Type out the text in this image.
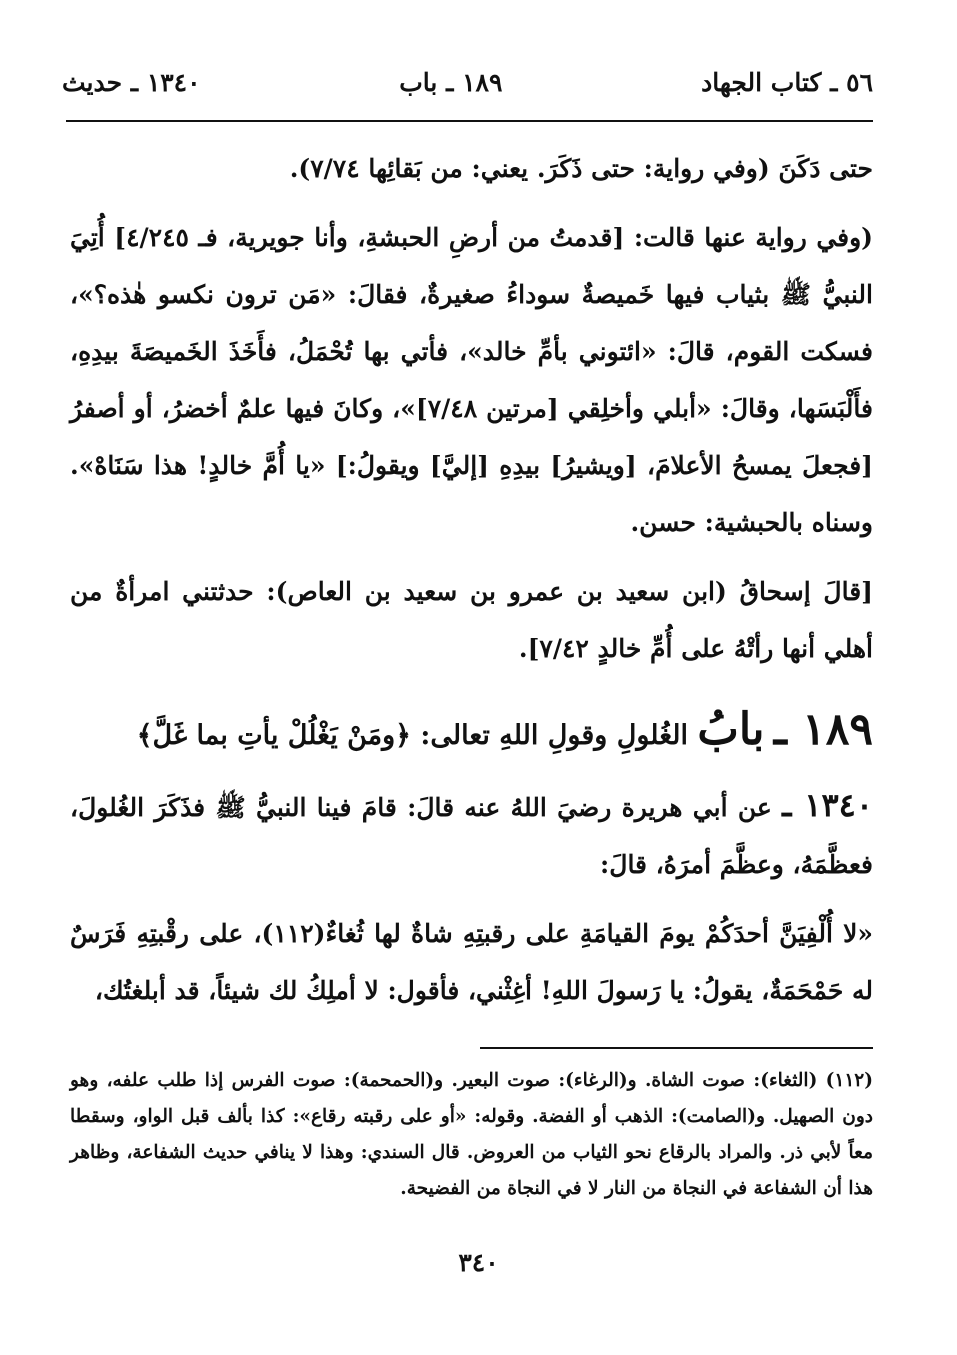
٥٦ ـ كتاب الجهاد
١٨٩ ـ باب
١٣٤٠ ـ حديث

حتى دَكَنَ (وفي رواية: حتى ذَكَرَ. يعني: من بَقائِها ٧/٧٤).

(وفي رواية عنها قالت: [قدمتُ من أرضِ الحبشةِ، وأنا جويرية، فـ ٤/٢٤٥] أُتِيَ النبيُّ ﷺ بثياب فيها خَميصةٌ سوداءُ صغيرةٌ، فقالَ: «مَن ترون نكسو هٰذه؟»، فسكت القوم، قالَ: «ائتوني بأمِّ خالد»، فأتي بها تُحْمَلُ، فأَخَذَ الخَميصَةَ بيدِهِ، فأَلْبَسَها، وقالَ: «أبلي وأخلِقي [مرتين ٧/٤٨]»، وكانَ فيها علمٌ أخضرُ، أو أصفرُ [فجعلَ يمسحُ الأعلامَ، [ويشيرُ] بيدِهِ [إليَّ] ويقولُ:] «يا أُمَّ خالدٍ! هذا سَنَاهْ». وسناه بالحبشية: حسن.

[قالَ إسحاقُ (ابن سعيد بن عمرو بن سعيد بن العاص): حدثتني امرأةٌ من أهلي أنها رأتْهُ على أُمِّ خالدٍ ٧/٤٢].

١٨٩ ـ بابُ الغُلولِ وقولِ اللهِ تعالى: ﴿ومَنْ يَغْلُلْ يأتِ بما غَلَّ﴾

١٣٤٠ ـ عن أبي هريرة رضيَ اللهُ عنه قالَ: قامَ فينا النبيُّ ﷺ فذَكَرَ الغُلولَ، فعظَّمَهُ، وعظَّمَ أمرَهُ، قالَ:

«لا أُلْفِيَنَّ أحدَكُمْ يومَ القيامَةِ على رقبتِهِ شاةٌ لها ثُغاءٌ(١١٢)، على رقْبتِهِ فَرَسٌ له حَمْحَمَةٌ، يقولُ: يا رَسولَ اللهِ! أغِثْني، فأقول: لا أملِكُ لك شيئاً، قد أبلغتُك،

(١١٢) (الثغاء): صوت الشاة. و(الرغاء): صوت البعير. و(الحمحمة): صوت الفرس إذا طلب علفه، وهو دون الصهيل. و(الصامت): الذهب أو الفضة. وقوله: «أو على رقبته رقاع»: كذا بألف قبل الواو، وسقطا معاً لأبي ذر. والمراد بالرقاع نحو الثياب من العروض. قال السندي: وهذا لا ينافي حديث الشفاعة، وظاهر هذا أن الشفاعة في النجاة من النار لا في النجاة من الفضيحة.

٣٤٠
